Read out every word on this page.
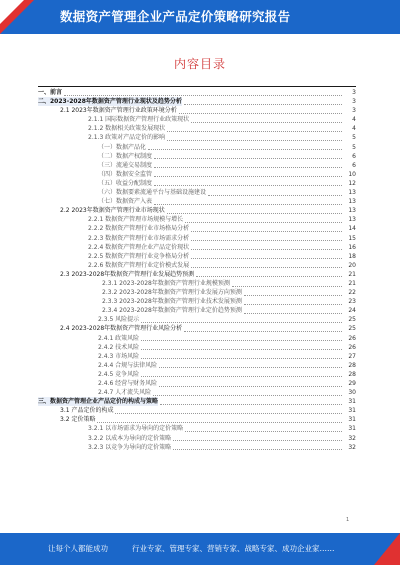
数据资产管理企业产品定价策略研究报告
内容目录
一、前言	3
二、2023-2028年数据资产管理行业现状及趋势分析	3
2.1 2023年数据资产管理行业政策环境分析	3
2.1.1 国际数据资产管理行业政策现状	4
2.1.2 数据相关政策发展现状	4
2.1.3 政策对产品定价的影响	5
（一）数据产品化	5
（二）数据产权制度	6
（三）流通交易制度	6
（四）数据安全监管	10
（五）收益分配制度	12
（六）数据要素流通平台与基础设施建设	13
（七）数据资产入表	13
2.2 2023年数据资产管理行业市场现状	13
2.2.1 数据资产管理市场规模与增长	13
2.2.2 数据资产管理行业市场格局分析	14
2.2.3 数据资产管理行业市场需求分析	15
2.2.4 数据资产管理企业产品定价现状	16
2.2.5 数据资产管理行业竞争格局分析	18
2.2.6 数据资产管理行业定价模式发展	20
2.3 2023-2028年数据资产管理行业发展趋势预测	21
2.3.1 2023-2028年数据资产管理行业规模预测	21
2.3.2 2023-2028年数据资产管理行业发展方向预测	22
2.3.3 2023-2028年数据资产管理行业技术发展预测	23
2.3.4 2023-2028年数据资产管理行业定价趋势预测	24
2.3.5 风险提示	25
2.4 2023-2028年数据资产管理行业风险分析	25
2.4.1 政策风险	26
2.4.2 技术风险	26
2.4.3 市场风险	27
2.4.4 合规与法律风险	28
2.4.5 竞争风险	28
2.4.6 经营与财务风险	29
2.4.7 人才流失风险	30
三、数据资产管理企业产品定价的构成与策略	31
3.1 产品定价的构成	31
3.2 定价策略	31
3.2.1 以市场需求为导向的定价策略	31
3.2.2 以成本为导向的定价策略	32
3.2.3 以竞争为导向的定价策略	32
1
让每个人都能成功	行业专家、管理专家、营销专家、战略专家、成功企业家……
